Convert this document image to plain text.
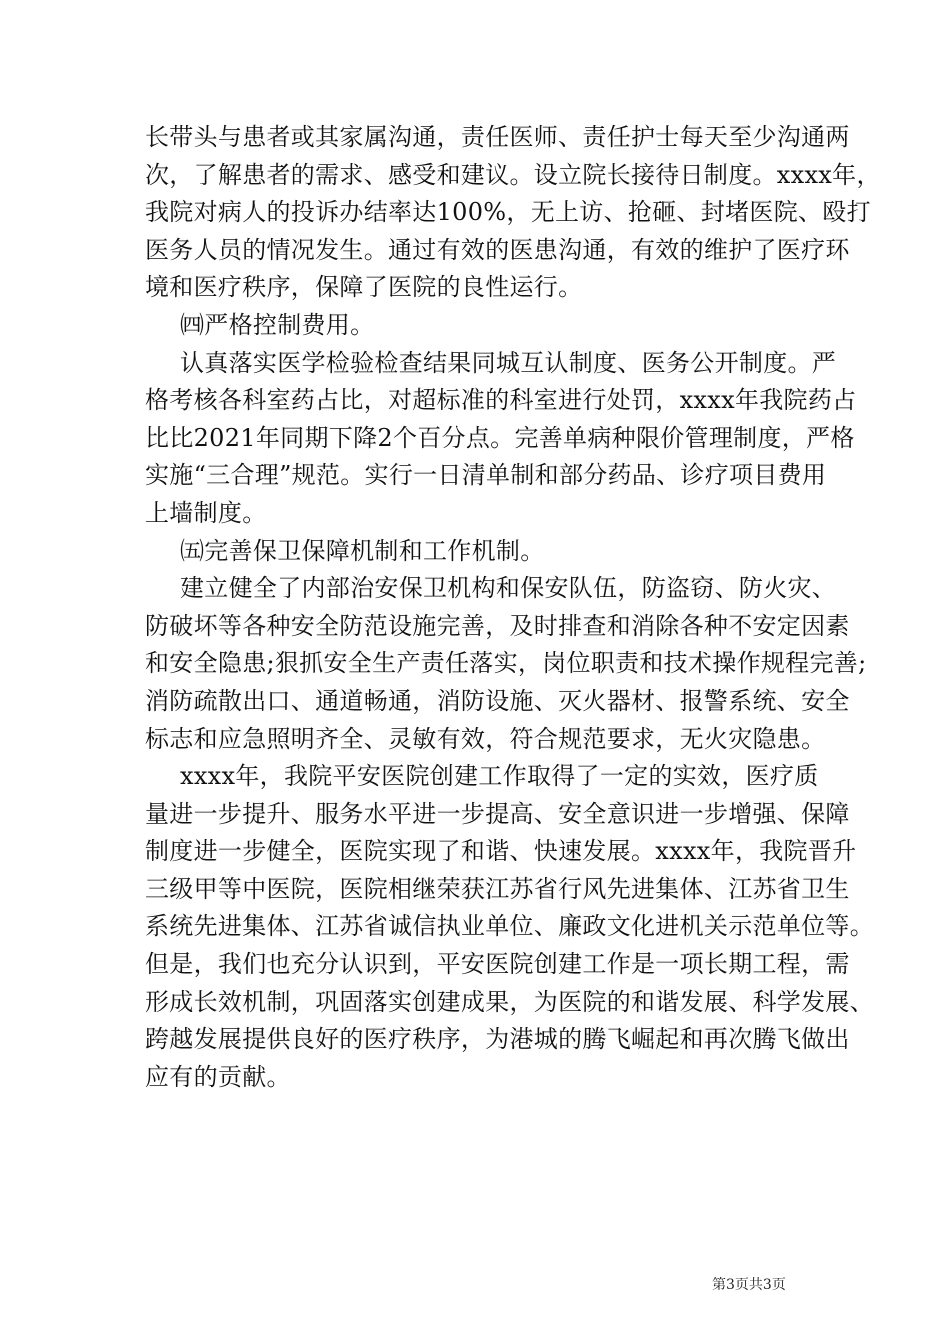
长带头与患者或其家属沟通，责任医师、责任护士每天至少沟通两
次，了解患者的需求、感受和建议。设立院长接待日制度。xxxx年，
我院对病人的投诉办结率达100%，无上访、抢砸、封堵医院、殴打
医务人员的情况发生。通过有效的医患沟通，有效的维护了医疗环
境和医疗秩序，保障了医院的良性运行。
㈣严格控制费用。
认真落实医学检验检查结果同城互认制度、医务公开制度。严
格考核各科室药占比，对超标准的科室进行处罚，xxxx年我院药占
比比2021年同期下降2个百分点。完善单病种限价管理制度，严格
实施“三合理”规范。实行一日清单制和部分药品、诊疗项目费用
上墙制度。
㈤完善保卫保障机制和工作机制。
建立健全了内部治安保卫机构和保安队伍，防盗窃、防火灾、
防破坏等各种安全防范设施完善，及时排查和消除各种不安定因素
和安全隐患;狠抓安全生产责任落实，岗位职责和技术操作规程完善;
消防疏散出口、通道畅通，消防设施、灭火器材、报警系统、安全
标志和应急照明齐全、灵敏有效，符合规范要求，无火灾隐患。
xxxx年，我院平安医院创建工作取得了一定的实效，医疗质
量进一步提升、服务水平进一步提高、安全意识进一步增强、保障
制度进一步健全，医院实现了和谐、快速发展。xxxx年，我院晋升
三级甲等中医院，医院相继荣获江苏省行风先进集体、江苏省卫生
系统先进集体、江苏省诚信执业单位、廉政文化进机关示范单位等。
但是，我们也充分认识到，平安医院创建工作是一项长期工程，需
形成长效机制，巩固落实创建成果，为医院的和谐发展、科学发展、
跨越发展提供良好的医疗秩序，为港城的腾飞崛起和再次腾飞做出
应有的贡献。
第3页共3页
